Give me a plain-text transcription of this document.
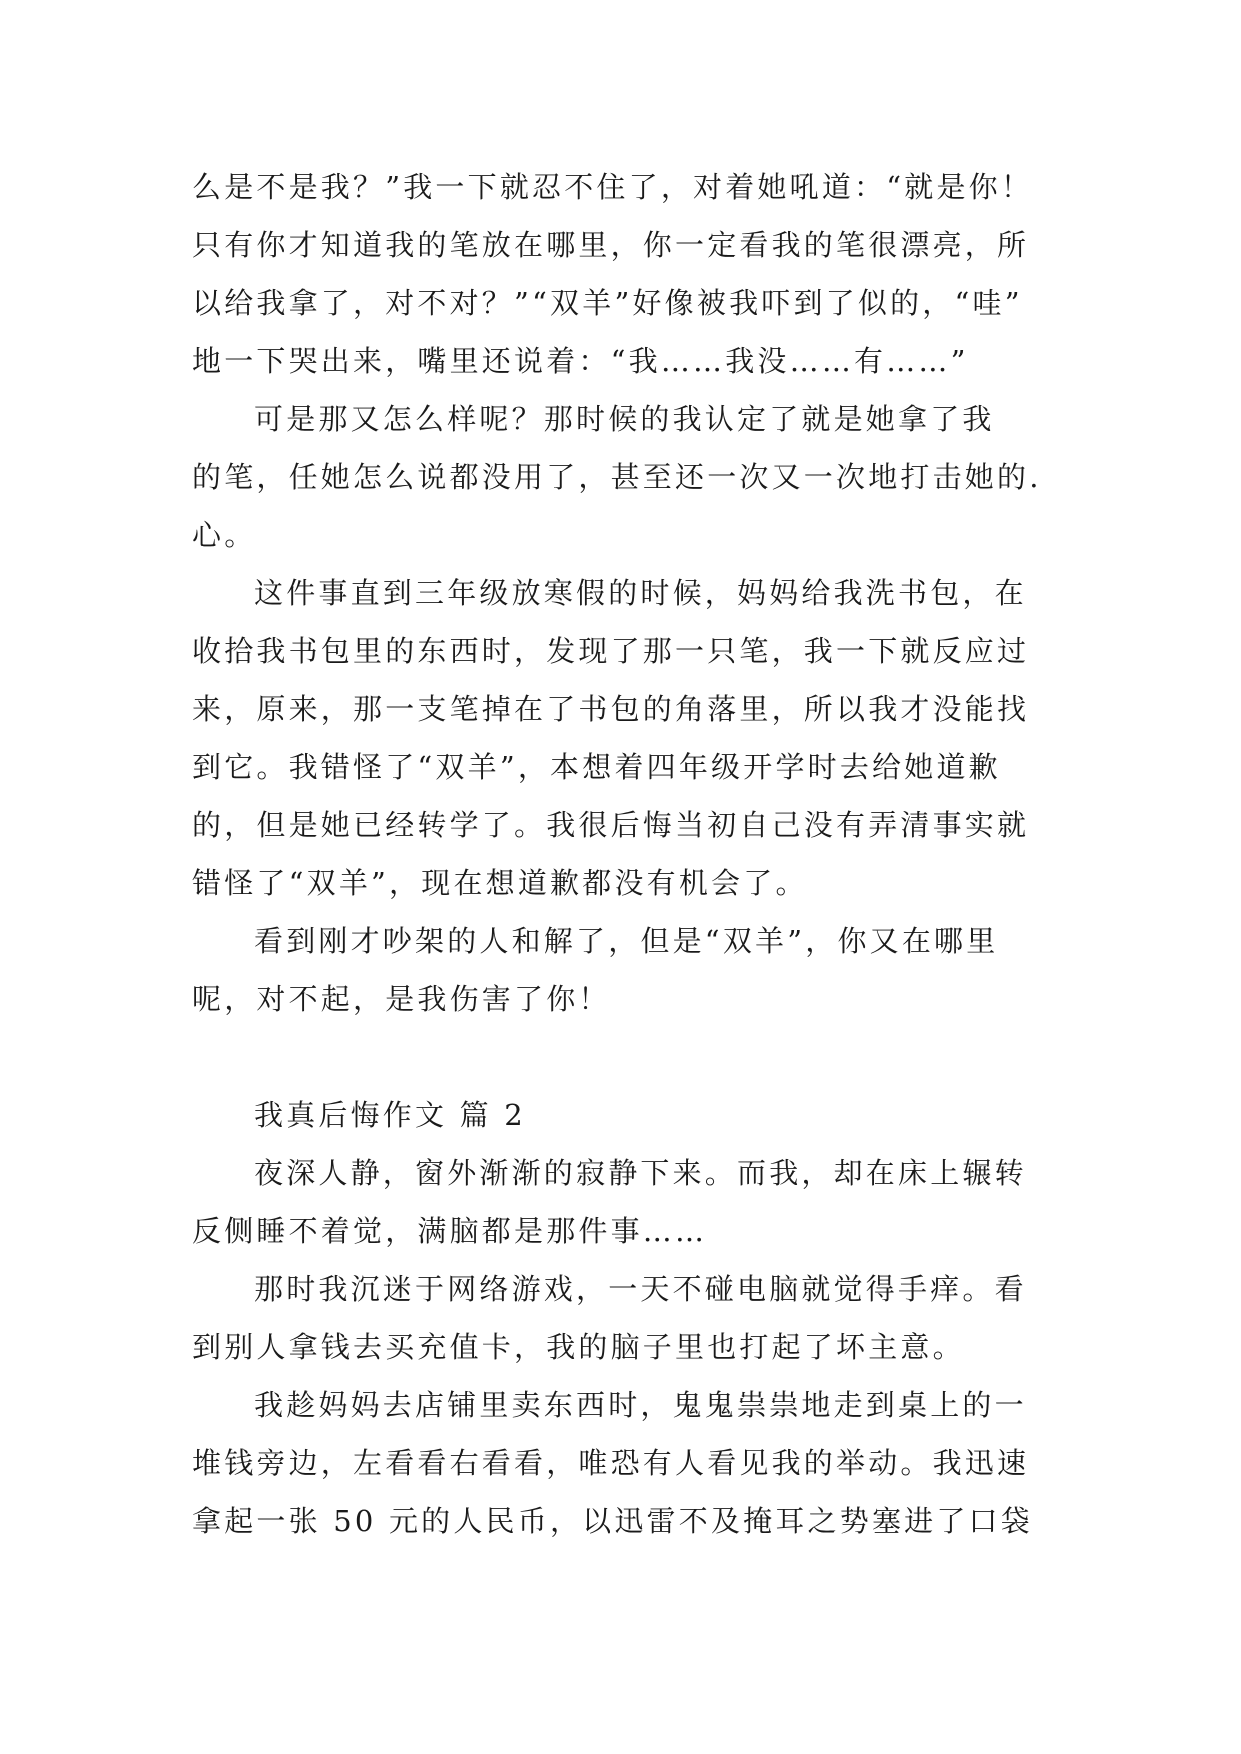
么是不是我？”我一下就忍不住了，对着她吼道：“就是你！
只有你才知道我的笔放在哪里，你一定看我的笔很漂亮，所
以给我拿了，对不对？”“双羊”好像被我吓到了似的，“哇”
地一下哭出来，嘴里还说着：“我……我没……有……”
可是那又怎么样呢？那时候的我认定了就是她拿了我
的笔，任她怎么说都没用了，甚至还一次又一次地打击她的.
心。
这件事直到三年级放寒假的时候，妈妈给我洗书包，在
收拾我书包里的东西时，发现了那一只笔，我一下就反应过
来，原来，那一支笔掉在了书包的角落里，所以我才没能找
到它。我错怪了“双羊”，本想着四年级开学时去给她道歉
的，但是她已经转学了。我很后悔当初自己没有弄清事实就
错怪了“双羊”，现在想道歉都没有机会了。
看到刚才吵架的人和解了，但是“双羊”，你又在哪里
呢，对不起，是我伤害了你！
我真后悔作文 篇 2
夜深人静，窗外渐渐的寂静下来。而我，却在床上辗转
反侧睡不着觉，满脑都是那件事……
那时我沉迷于网络游戏，一天不碰电脑就觉得手痒。看
到别人拿钱去买充值卡，我的脑子里也打起了坏主意。
我趁妈妈去店铺里卖东西时，鬼鬼祟祟地走到桌上的一
堆钱旁边，左看看右看看，唯恐有人看见我的举动。我迅速
拿起一张 50 元的人民币，以迅雷不及掩耳之势塞进了口袋
